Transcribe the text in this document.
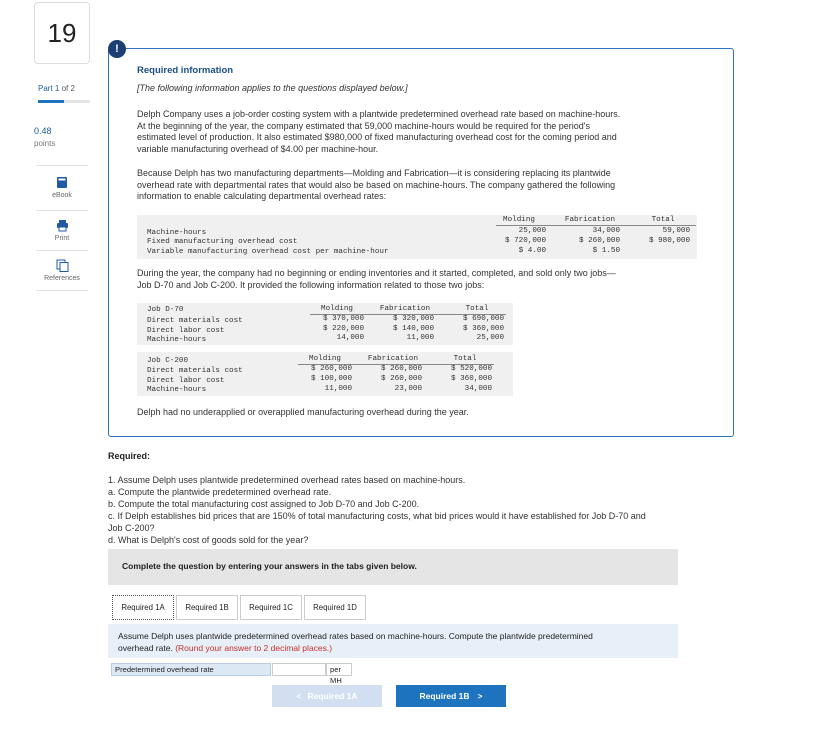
19
Part 1 of 2
0.48
points
eBook
Print
References
!
Required information
[The following information applies to the questions displayed below.]
Delph Company uses a job-order costing system with a plantwide predetermined overhead rate based on machine-hours.
At the beginning of the year, the company estimated that 59,000 machine-hours would be required for the period's
estimated level of production. It also estimated $980,000 of fixed manufacturing overhead cost for the coming period and
variable manufacturing overhead of $4.00 per machine-hour.
Because Delph has two manufacturing departments—Molding and Fabrication—it is considering replacing its plantwide
overhead rate with departmental rates that would also be based on machine-hours. The company gathered the following
information to enable calculating departmental overhead rates:
Molding	Fabrication	Total
Machine-hours	25,000	34,000	59,000
Fixed manufacturing overhead cost	$ 720,000	$ 260,000	$ 980,000
Variable manufacturing overhead cost per machine-hour	$ 4.00	$ 1.50
During the year, the company had no beginning or ending inventories and it started, completed, and sold only two jobs—
Job D-70 and Job C-200. It provided the following information related to those two jobs:
Job D-70	Molding	Fabrication	Total
Direct materials cost	$ 370,000	$ 320,000	$ 690,000
Direct labor cost	$ 220,000	$ 140,000	$ 360,000
Machine-hours	14,000	11,000	25,000
Job C-200	Molding	Fabrication	Total
Direct materials cost	$ 260,000	$ 260,000	$ 520,000
Direct labor cost	$ 100,000	$ 260,000	$ 360,000
Machine-hours	11,000	23,000	34,000
Delph had no underapplied or overapplied manufacturing overhead during the year.
Required:
1. Assume Delph uses plantwide predetermined overhead rates based on machine-hours.
a. Compute the plantwide predetermined overhead rate.
b. Compute the total manufacturing cost assigned to Job D-70 and Job C-200.
c. If Delph establishes bid prices that are 150% of total manufacturing costs, what bid prices would it have established for Job D-70 and
Job C-200?
d. What is Delph's cost of goods sold for the year?
Complete the question by entering your answers in the tabs given below.
Required 1A	Required 1B	Required 1C	Required 1D
Assume Delph uses plantwide predetermined overhead rates based on machine-hours. Compute the plantwide predetermined
overhead rate. (Round your answer to 2 decimal places.)
Predetermined overhead rate	per MH
< Required 1A	Required 1B >
